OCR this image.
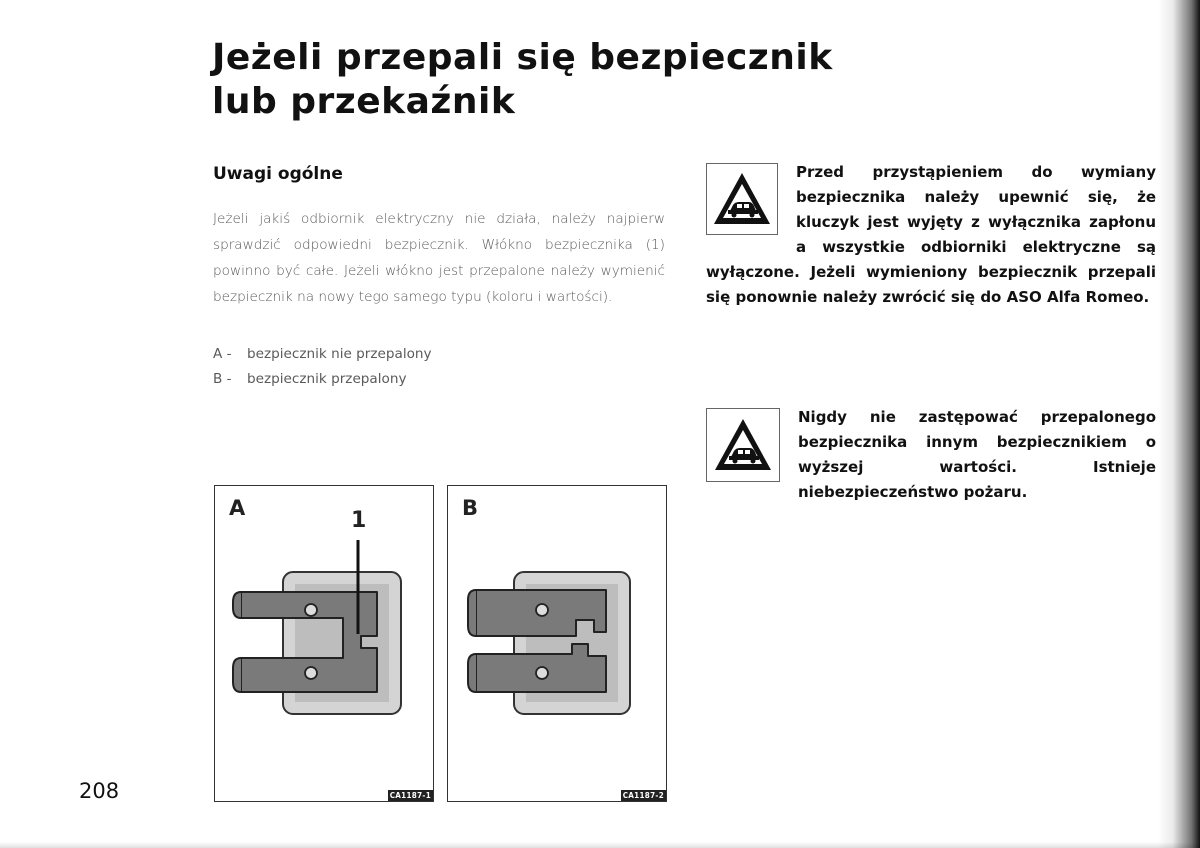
Jeżeli przepali się bezpiecznik
lub przekaźnik
Uwagi ogólne

Jeżeli jakiś odbiornik elektryczny nie działa, należy najpierw sprawdzić odpowiedni bezpiecznik. Włókno bezpiecznika (1) powinno być całe. Jeżeli włókno jest przepalone należy wymienić bezpiecznik na nowy tego samego typu (koloru i wartości).

A -	bezpiecznik nie przepalony
B -	bezpiecznik przepalony

Przed przystąpieniem do wymiany bezpiecznika należy upewnić się, że kluczyk jest wyjęty z wyłącznika zapłonu a wszystkie odbiorniki elektryczne są wyłączone. Jeżeli wymieniony bezpiecznik przepali się ponownie należy zwrócić się do ASO Alfa Romeo.

Nigdy nie zastępować przepalonego bezpiecznika innym bezpiecznikiem o wyższej wartości. Istnieje niebezpieczeństwo pożaru.

A	1
CA1187-1
B
CA1187-2
208
